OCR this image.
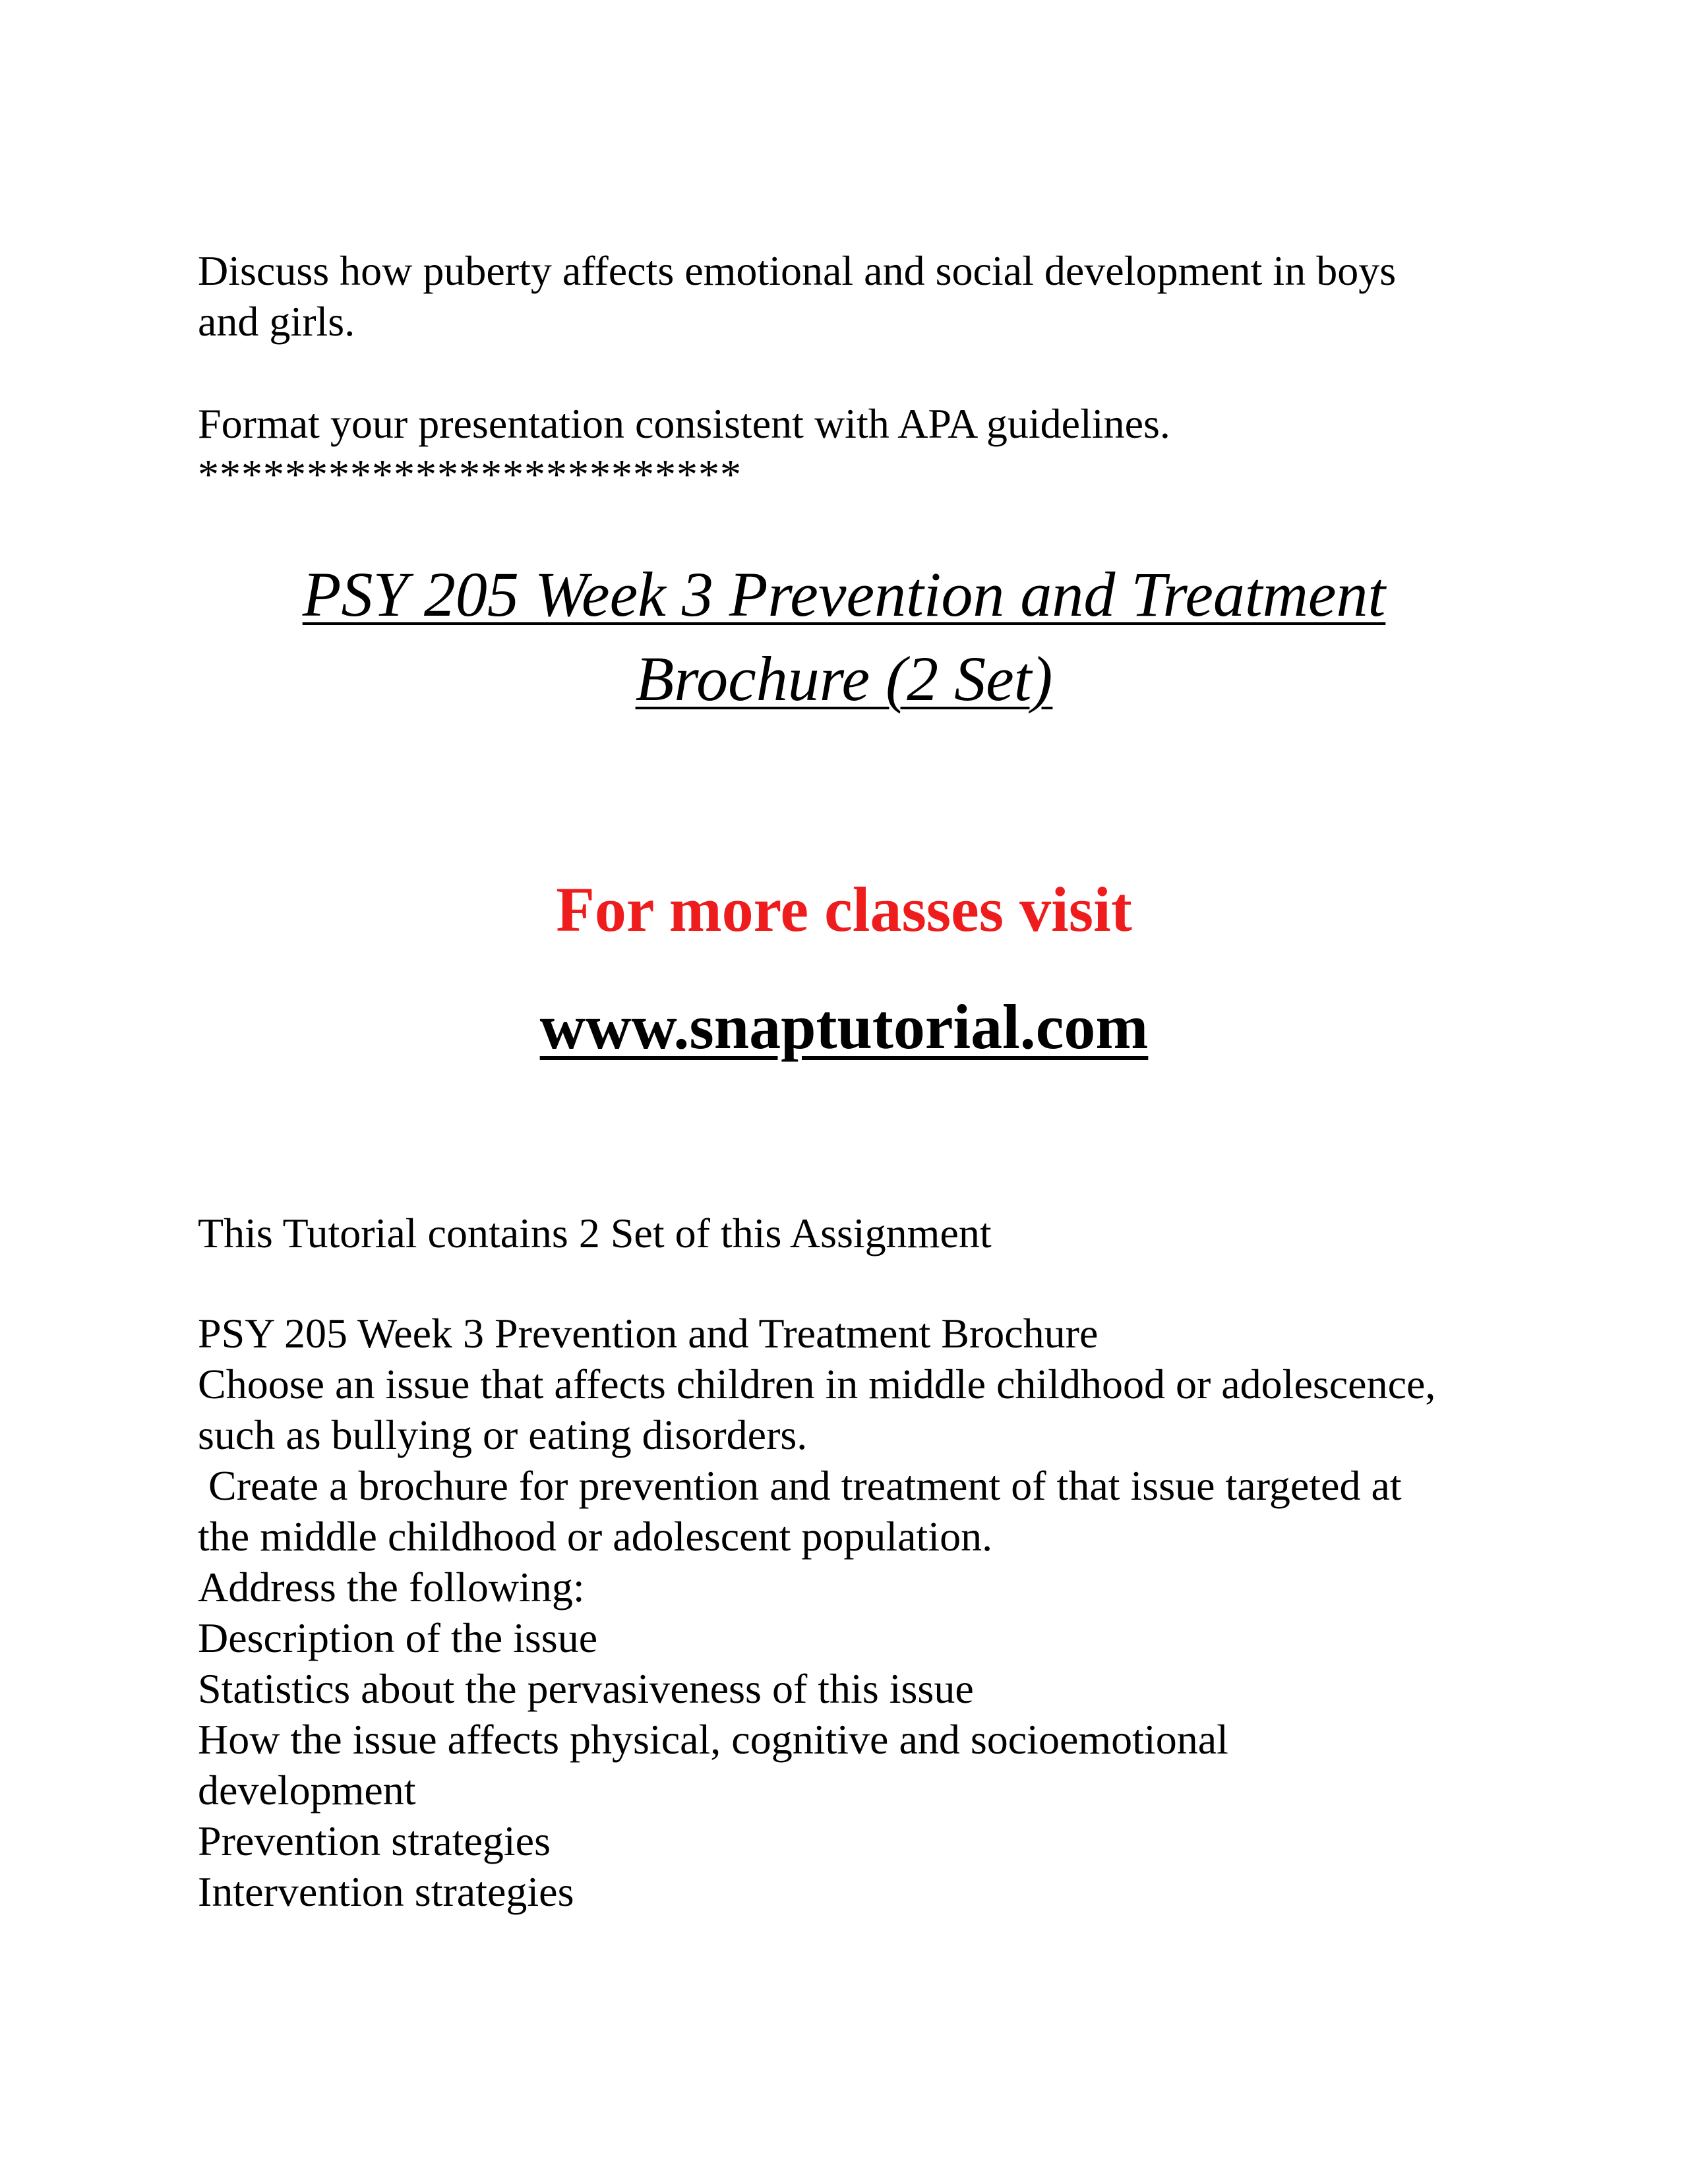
Discuss how puberty affects emotional and social development in boys
and girls.

Format your presentation consistent with APA guidelines.

*************************
PSY 205 Week 3 Prevention and Treatment
Brochure (2 Set)
For more classes visit
www.snaptutorial.com

This Tutorial contains 2 Set of this Assignment

PSY 205 Week 3 Prevention and Treatment Brochure
Choose an issue that affects children in middle childhood or adolescence,
such as bullying or eating disorders.
Create a brochure for prevention and treatment of that issue targeted at
the middle childhood or adolescent population.
Address the following:
Description of the issue
Statistics about the pervasiveness of this issue
How the issue affects physical, cognitive and socioemotional
development
Prevention strategies
Intervention strategies
